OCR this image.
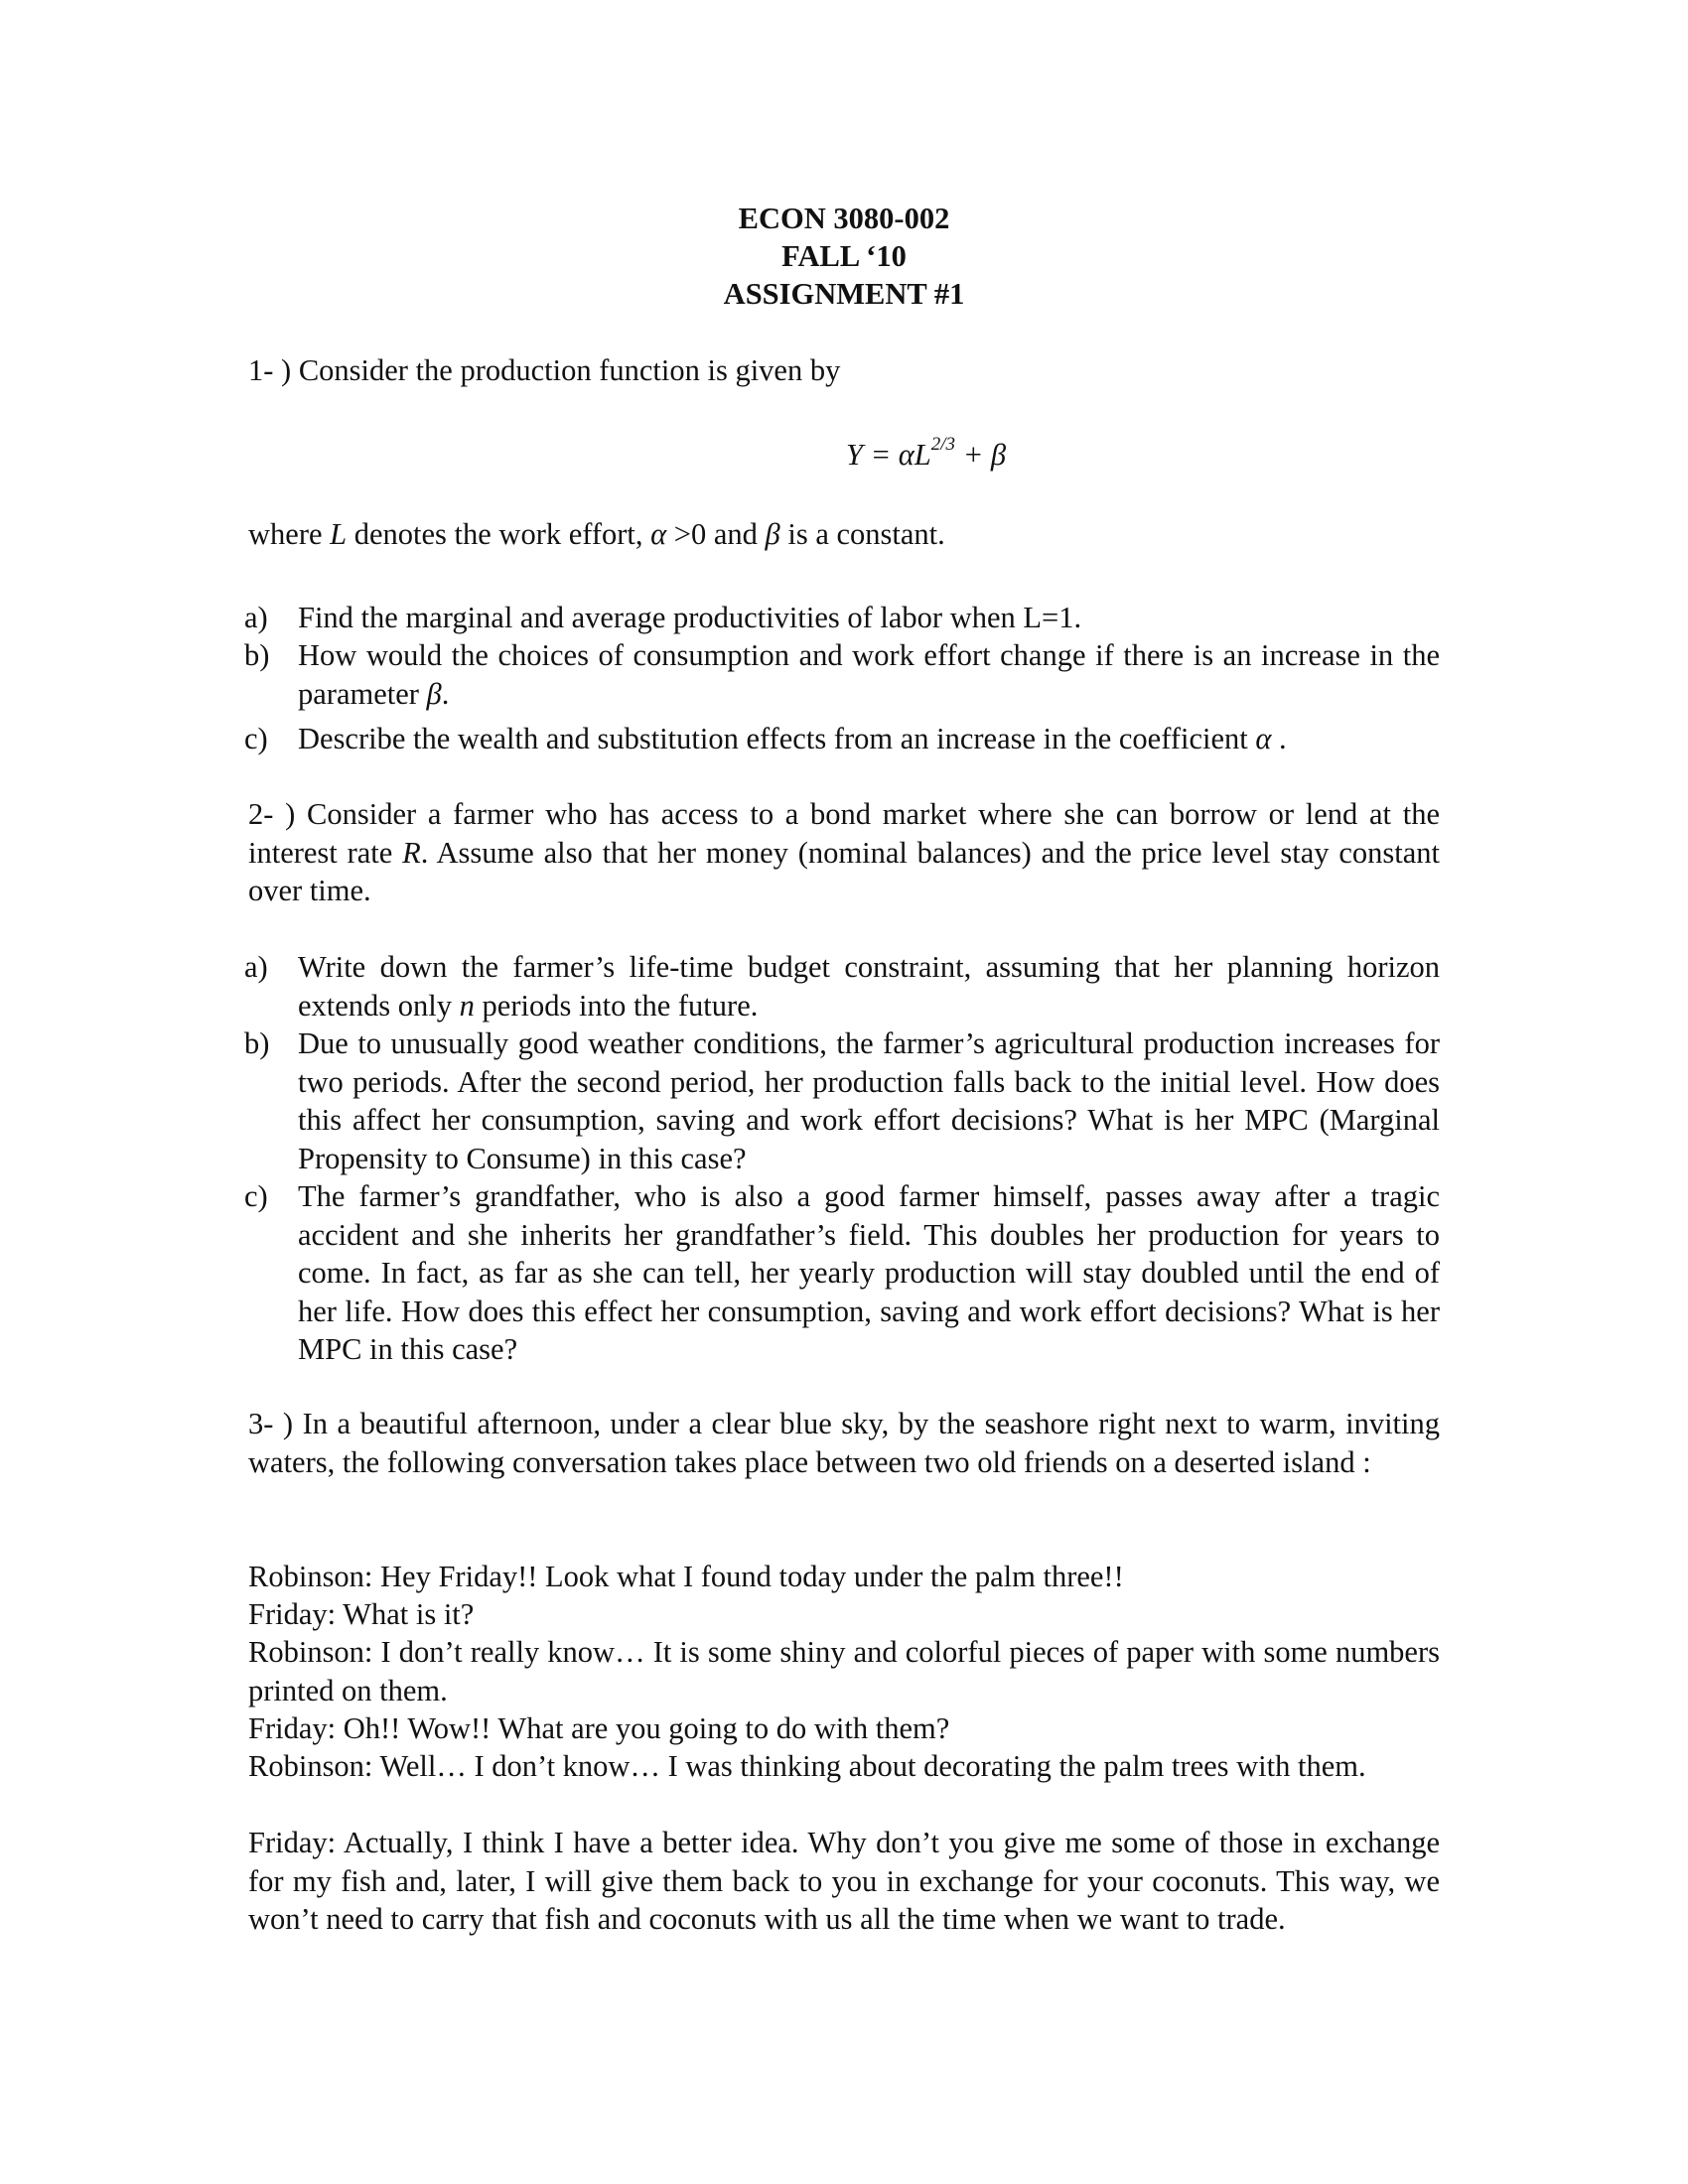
ECON 3080-002
FALL ‘10
ASSIGNMENT #1
1- ) Consider the production function is given by
$Y = \alpha L^{2/3} + \beta$
where L denotes the work effort, α >0 and β is a constant.
a) Find the marginal and average productivities of labor when L=1.
b) How would the choices of consumption and work effort change if there is an increase in the parameter β.
c) Describe the wealth and substitution effects from an increase in the coefficient α .
2- ) Consider a farmer who has access to a bond market where she can borrow or lend at the interest rate R. Assume also that her money (nominal balances) and the price level stay constant over time.
a) Write down the farmer’s life-time budget constraint, assuming that her planning horizon extends only n periods into the future.
b) Due to unusually good weather conditions, the farmer’s agricultural production increases for two periods. After the second period, her production falls back to the initial level. How does this affect her consumption, saving and work effort decisions? What is her MPC (Marginal Propensity to Consume) in this case?
c) The farmer’s grandfather, who is also a good farmer himself, passes away after a tragic accident and she inherits her grandfather’s field. This doubles her production for years to come. In fact, as far as she can tell, her yearly production will stay doubled until the end of her life. How does this effect her consumption, saving and work effort decisions? What is her MPC in this case?
3- ) In a beautiful afternoon, under a clear blue sky, by the seashore right next to warm, inviting waters, the following conversation takes place between two old friends on a deserted island :
Robinson: Hey Friday!! Look what I found today under the palm three!!
Friday: What is it?
Robinson: I don’t really know… It is some shiny and colorful pieces of paper with some numbers printed on them.
Friday: Oh!! Wow!! What are you going to do with them?
Robinson: Well… I don’t know… I was thinking about decorating the palm trees with them.
Friday: Actually, I think I have a better idea. Why don’t you give me some of those in exchange for my fish and, later, I will give them back to you in exchange for your coconuts. This way, we won’t need to carry that fish and coconuts with us all the time when we want to trade.
